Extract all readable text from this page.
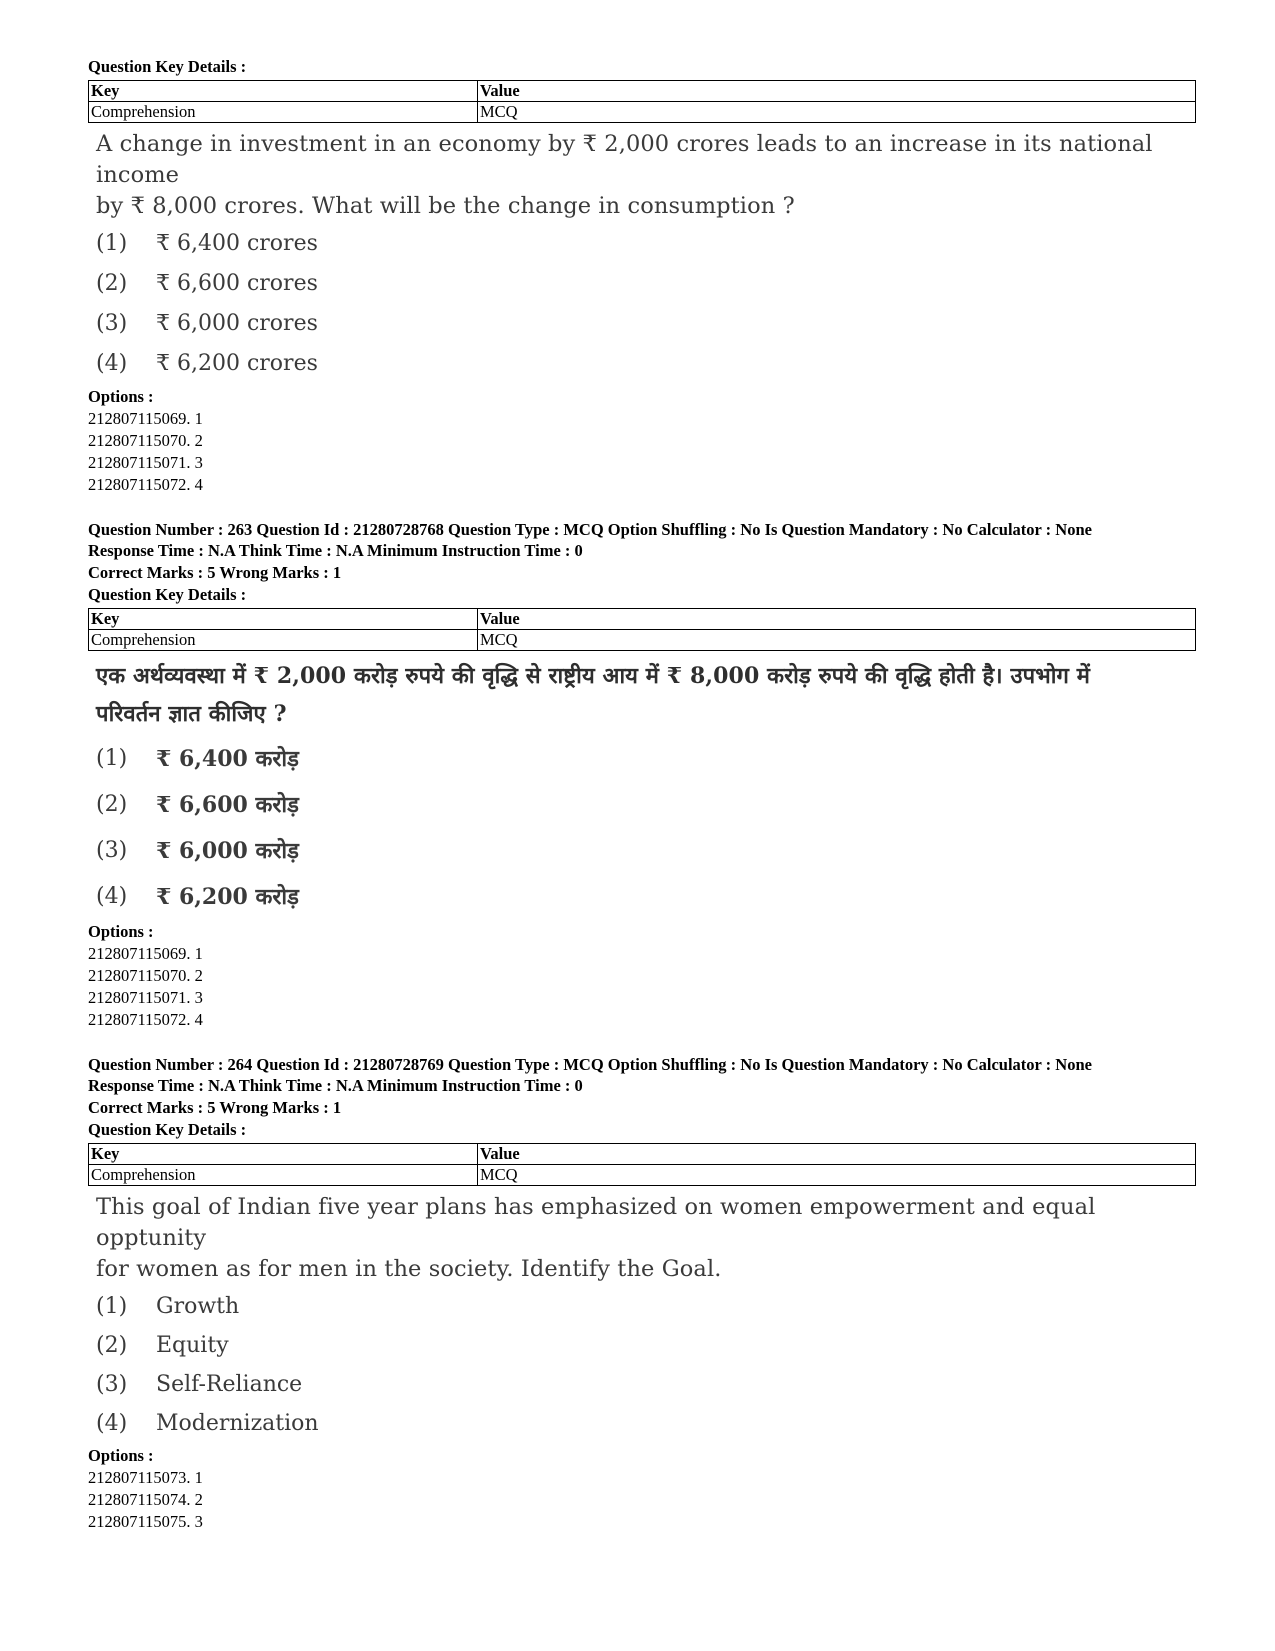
Question Key Details :
Key	Value
Comprehension	MCQ
A change in investment in an economy by ₹ 2,000 crores leads to an increase in its national income
by ₹ 8,000 crores. What will be the change in consumption ?
(1)	₹ 6,400 crores
(2)	₹ 6,600 crores
(3)	₹ 6,000 crores
(4)	₹ 6,200 crores
Options :
212807115069. 1
212807115070. 2
212807115071. 3
212807115072. 4
Question Number : 263 Question Id : 21280728768 Question Type : MCQ Option Shuffling : No Is Question Mandatory : No Calculator : None
Response Time : N.A Think Time : N.A Minimum Instruction Time : 0
Correct Marks : 5 Wrong Marks : 1
Question Key Details :
Key	Value
Comprehension	MCQ
एक अर्थव्यवस्था में ₹ 2,000 करोड़ रुपये की वृद्धि से राष्ट्रीय आय में ₹ 8,000 करोड़ रुपये की वृद्धि होती है। उपभोग में
परिवर्तन ज्ञात कीजिए ?
(1)	₹ 6,400 करोड़
(2)	₹ 6,600 करोड़
(3)	₹ 6,000 करोड़
(4)	₹ 6,200 करोड़
Options :
212807115069. 1
212807115070. 2
212807115071. 3
212807115072. 4
Question Number : 264 Question Id : 21280728769 Question Type : MCQ Option Shuffling : No Is Question Mandatory : No Calculator : None
Response Time : N.A Think Time : N.A Minimum Instruction Time : 0
Correct Marks : 5 Wrong Marks : 1
Question Key Details :
Key	Value
Comprehension	MCQ
This goal of Indian five year plans has emphasized on women empowerment and equal opptunity
for women as for men in the society. Identify the Goal.
(1)	Growth
(2)	Equity
(3)	Self-Reliance
(4)	Modernization
Options :
212807115073. 1
212807115074. 2
212807115075. 3
